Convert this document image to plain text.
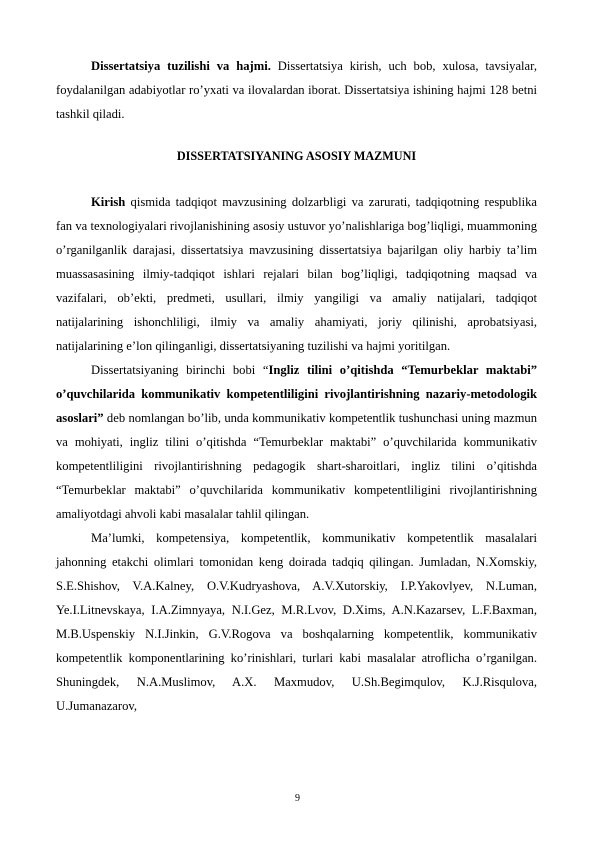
Dissertatsiya tuzilishi va hajmi. Dissertatsiya kirish, uch bob, xulosa, tavsiyalar, foydalanilgan adabiyotlar ro’yxati va ilovalardan iborat. Dissertatsiya ishining hajmi 128 betni tashkil qiladi.

DISSERTATSIYANING ASOSIY MAZMUNI

Kirish qismida tadqiqot mavzusining dolzarbligi va zarurati, tadqiqotning respublika fan va texnologiyalari rivojlanishining asosiy ustuvor yo’nalishlariga bog’liqligi, muammoning o’rganilganlik darajasi, dissertatsiya mavzusining dissertatsiya bajarilgan oliy harbiy ta’lim muassasasining ilmiy-tadqiqot ishlari rejalari bilan bog’liqligi, tadqiqotning maqsad va vazifalari, ob’ekti, predmeti, usullari, ilmiy yangiligi va amaliy natijalari, tadqiqot natijalarining ishonchliligi, ilmiy va amaliy ahamiyati, joriy qilinishi, aprobatsiyasi, natijalarining e’lon qilinganligi, dissertatsiyaning tuzilishi va hajmi yoritilgan.

Dissertatsiyaning birinchi bobi “Ingliz tilini o’qitishda “Temurbeklar maktabi” o’quvchilarida kommunikativ kompetentliligini rivojlantirishning nazariy-metodologik asoslari” deb nomlangan bo’lib, unda kommunikativ kompetentlik tushunchasi uning mazmun va mohiyati, ingliz tilini o’qitishda “Temurbeklar maktabi” o’quvchilarida kommunikativ kompetentliligini rivojlantirishning pedagogik shart-sharoitlari, ingliz tilini o’qitishda “Temurbeklar maktabi” o’quvchilarida kommunikativ kompetentliligini rivojlantirishning amaliyotdagi ahvoli kabi masalalar tahlil qilingan.

Ma’lumki, kompetensiya, kompetentlik, kommunikativ kompetentlik masalalari jahonning etakchi olimlari tomonidan keng doirada tadqiq qilingan. Jumladan, N.Xomskiy, S.E.Shishov, V.A.Kalney, O.V.Kudryashova, A.V.Xutorskiy, I.P.Yakovlyev, N.Luman, Ye.I.Litnevskaya, I.A.Zimnyaya, N.I.Gez, M.R.Lvov, D.Xims, A.N.Kazarsev, L.F.Baxman, M.B.Uspenskiy N.I.Jinkin, G.V.Rogova va boshqalarning kompetentlik, kommunikativ kompetentlik komponentlarining ko’rinishlari, turlari kabi masalalar atroflicha o’rganilgan. Shuningdek, N.A.Muslimov, A.X. Maxmudov, U.Sh.Begimqulov, K.J.Risqulova, U.Jumanazarov,

9
